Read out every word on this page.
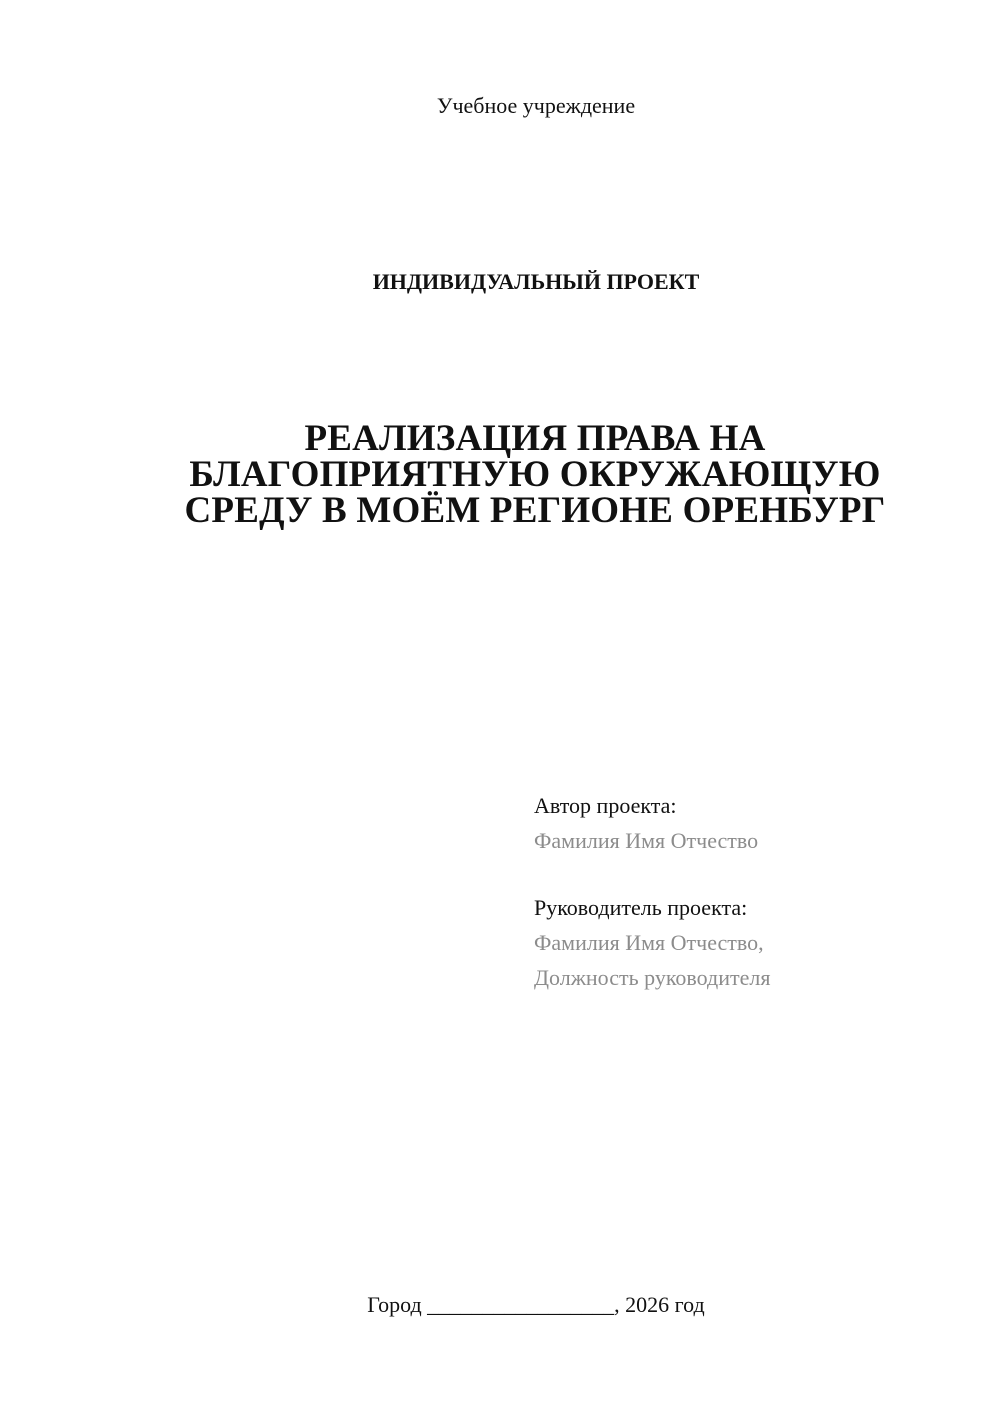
Учебное учреждение
ИНДИВИДУАЛЬНЫЙ ПРОЕКТ
РЕАЛИЗАЦИЯ ПРАВА НА
БЛАГОПРИЯТНУЮ ОКРУЖАЮЩУЮ
СРЕДУ В МОЁМ РЕГИОНЕ ОРЕНБУРГ
Автор проекта:
Фамилия Имя Отчество
Руководитель проекта:
Фамилия Имя Отчество,
Должность руководителя
Город _________________, 2026 год
